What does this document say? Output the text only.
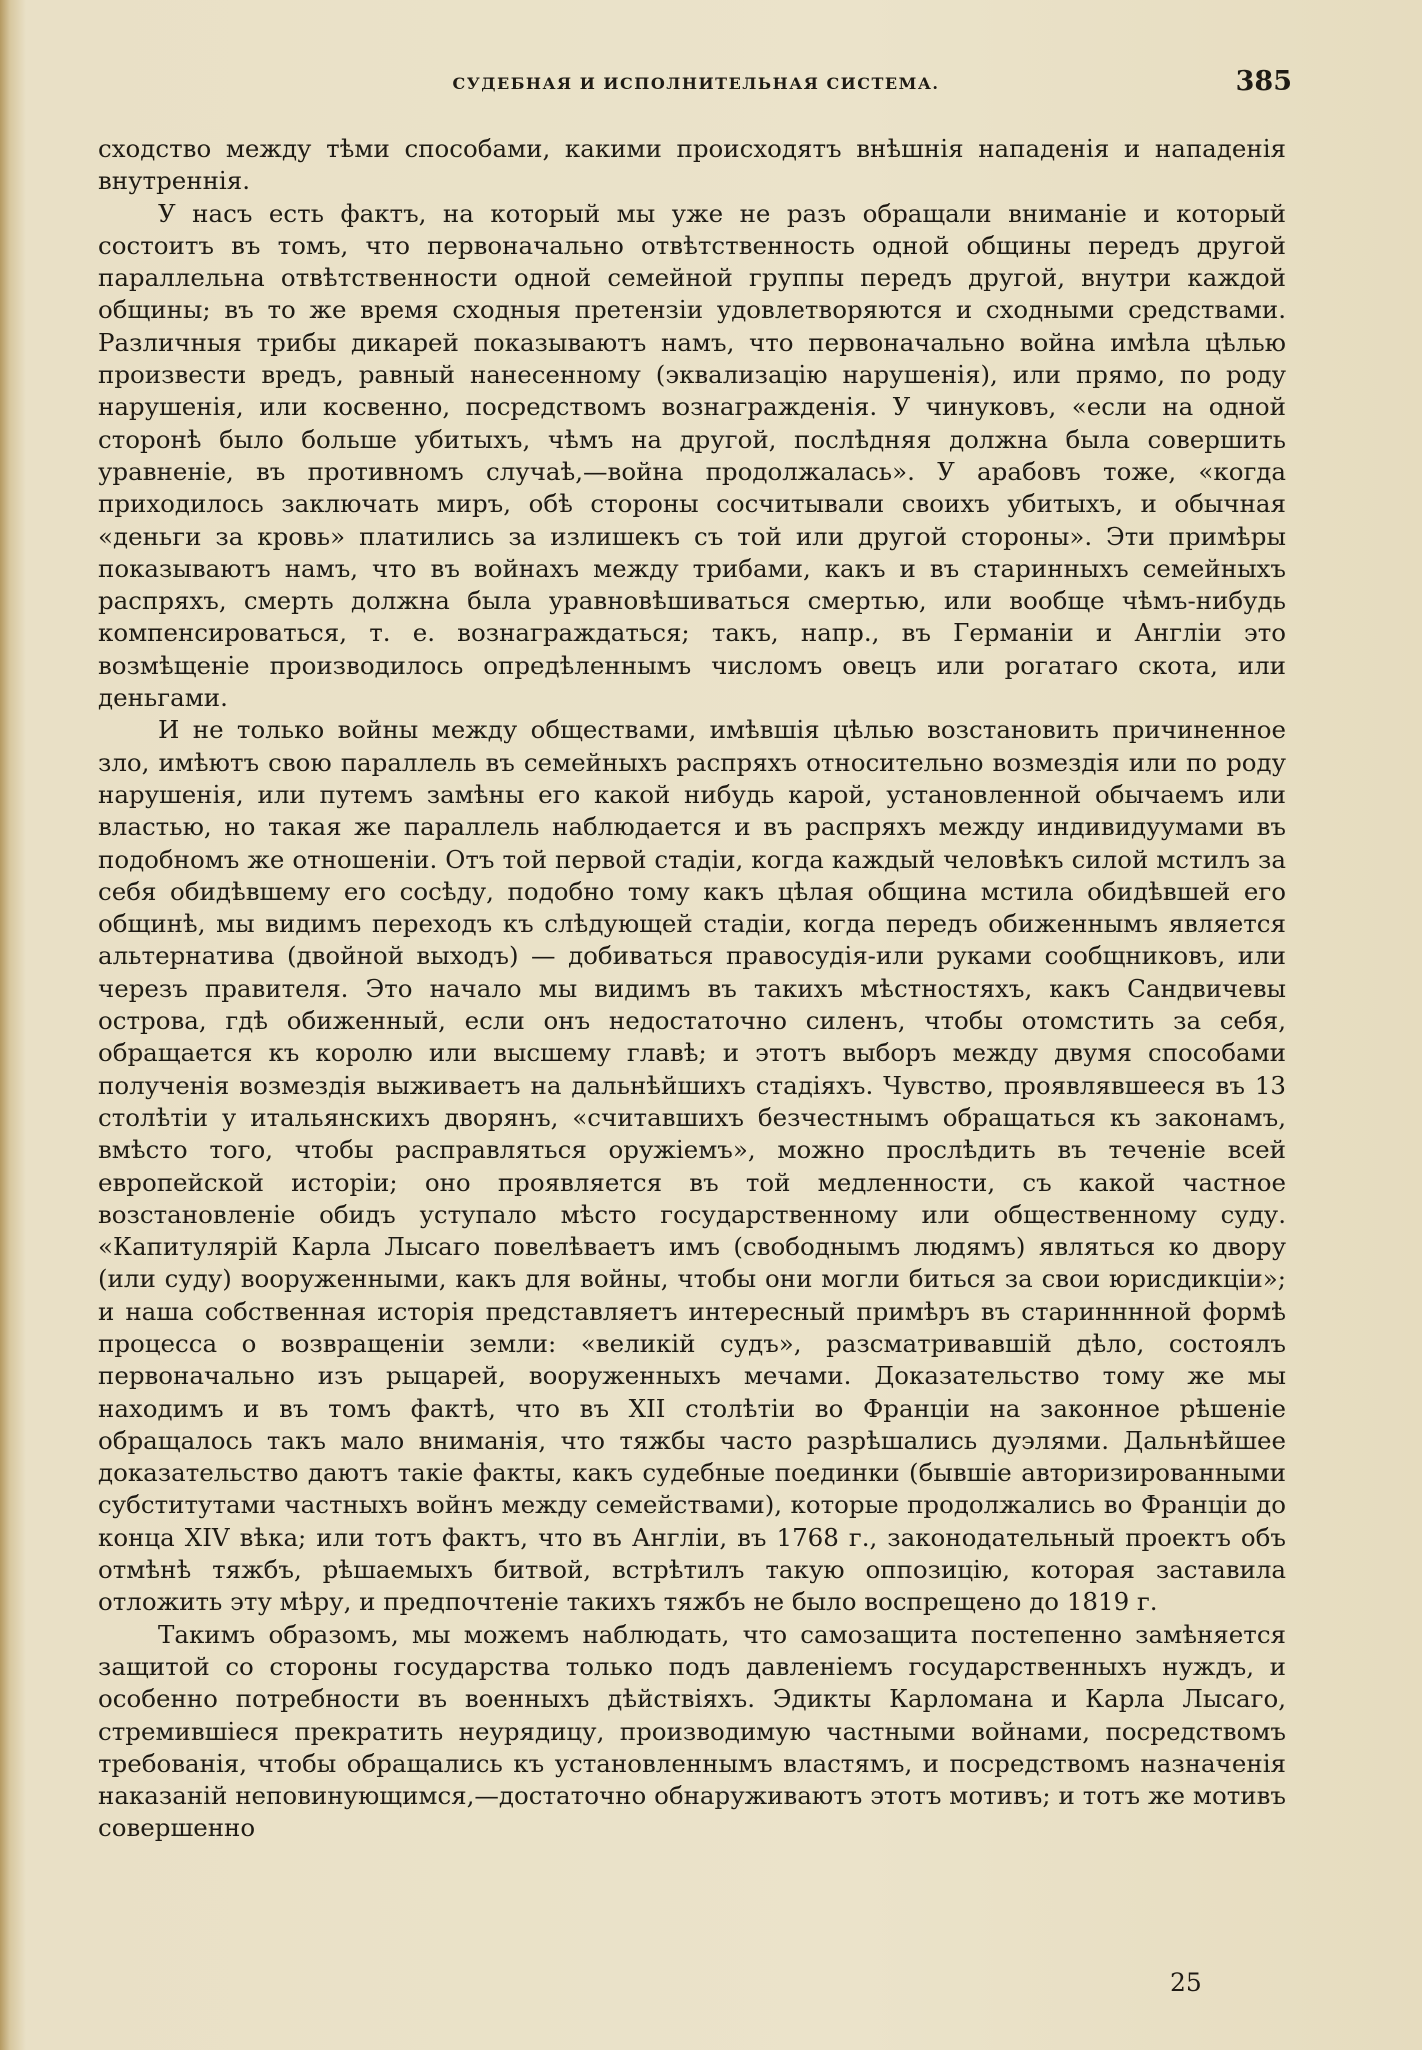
СУДЕБНАЯ И ИСПОЛНИТЕЛЬНАЯ СИСТЕМА.	385

сходство между тѣми способами, какими происходятъ внѣшнія нападенія и нападенія внутреннія.

У насъ есть фактъ, на который мы уже не разъ обращали вниманіе и который состоитъ въ томъ, что первоначально отвѣтственность одной общины передъ другой параллельна отвѣтственности одной семейной группы передъ другой, внутри каждой общины; въ то же время сходныя претензіи удовлетворяются и сходными средствами. Различныя трибы дикарей показываютъ намъ, что первоначально война имѣла цѣлью произвести вредъ, равный нанесенному (эквализацію нарушенія), или прямо, по роду нарушенія, или косвенно, посредствомъ вознагражденія. У чинуковъ, «если на одной сторонѣ было больше убитыхъ, чѣмъ на другой, послѣдняя должна была совершить уравненіе, въ противномъ случаѣ,—война продолжалась». У арабовъ тоже, «когда приходилось заключать миръ, обѣ стороны сосчитывали своихъ убитыхъ, и обычная «деньги за кровь» платились за излишекъ съ той или другой стороны». Эти примѣры показываютъ намъ, что въ войнахъ между трибами, какъ и въ старинныхъ семейныхъ распряхъ, смерть должна была уравновѣшиваться смертью, или вообще чѣмъ-нибудь компенсироваться, т. е. вознаграждаться; такъ, напр., въ Германіи и Англіи это возмѣщеніе производилось опредѣленнымъ числомъ овецъ или рогатаго скота, или деньгами.

И не только войны между обществами, имѣвшія цѣлью возстановить причиненное зло, имѣютъ свою параллель въ семейныхъ распряхъ относительно возмездія или по роду нарушенія, или путемъ замѣны его какой нибудь карой, установленной обычаемъ или властью, но такая же параллель наблюдается и въ распряхъ между индивидуумами въ подобномъ же отношеніи. Отъ той первой стадіи, когда каждый человѣкъ силой мстилъ за себя обидѣвшему его сосѣду, подобно тому какъ цѣлая община мстила обидѣвшей его общинѣ, мы видимъ переходъ къ слѣдующей стадіи, когда передъ обиженнымъ является альтернатива (двойной выходъ) — добиваться правосудія-или руками сообщниковъ, или черезъ правителя. Это начало мы видимъ въ такихъ мѣстностяхъ, какъ Сандвичевы острова, гдѣ обиженный, если онъ недостаточно силенъ, чтобы отомстить за себя, обращается къ королю или высшему главѣ; и этотъ выборъ между двумя способами полученія возмездія выживаетъ на дальнѣйшихъ стадіяхъ. Чувство, проявлявшееся въ 13 столѣтіи у итальянскихъ дворянъ, «считавшихъ безчестнымъ обращаться къ законамъ, вмѣсто того, чтобы расправляться оружіемъ», можно прослѣдить въ теченіе всей европейской исторіи; оно проявляется въ той медленности, съ какой частное возстановленіе обидъ уступало мѣсто государственному или общественному суду. «Капитулярій Карла Лысаго повелѣваетъ имъ (свободнымъ людямъ) являться ко двору (или суду) вооруженными, какъ для войны, чтобы они могли биться за свои юрисдикціи»; и наша собственная исторія представляетъ интересный примѣръ въ старинннной формѣ процесса о возвращеніи земли: «великій судъ», разсматривавшій дѣло, состоялъ первоначально изъ рыцарей, вооруженныхъ мечами. Доказательство тому же мы находимъ и въ томъ фактѣ, что въ XII столѣтіи во Франціи на законное рѣшеніе обращалось такъ мало вниманія, что тяжбы часто разрѣшались дуэлями. Дальнѣйшее доказательство даютъ такіе факты, какъ судебные поединки (бывшіе авторизированными субститутами частныхъ войнъ между семействами), которые продолжались во Франціи до конца XIV вѣка; или тотъ фактъ, что въ Англіи, въ 1768 г., законодательный проектъ объ отмѣнѣ тяжбъ, рѣшаемыхъ битвой, встрѣтилъ такую оппозицію, которая заставила отложить эту мѣру, и предпочтеніе такихъ тяжбъ не было воспрещено до 1819 г.

Такимъ образомъ, мы можемъ наблюдать, что самозащита постепенно замѣняется защитой со стороны государства только подъ давленіемъ государственныхъ нуждъ, и особенно потребности въ военныхъ дѣйствіяхъ. Эдикты Карломана и Карла Лысаго, стремившіеся прекратить неурядицу, производимую частными войнами, посредствомъ требованія, чтобы обращались къ установленнымъ властямъ, и посредствомъ назначенія наказаній неповинующимся,—достаточно обнаруживаютъ этотъ мотивъ; и тотъ же мотивъ совершенно

25
